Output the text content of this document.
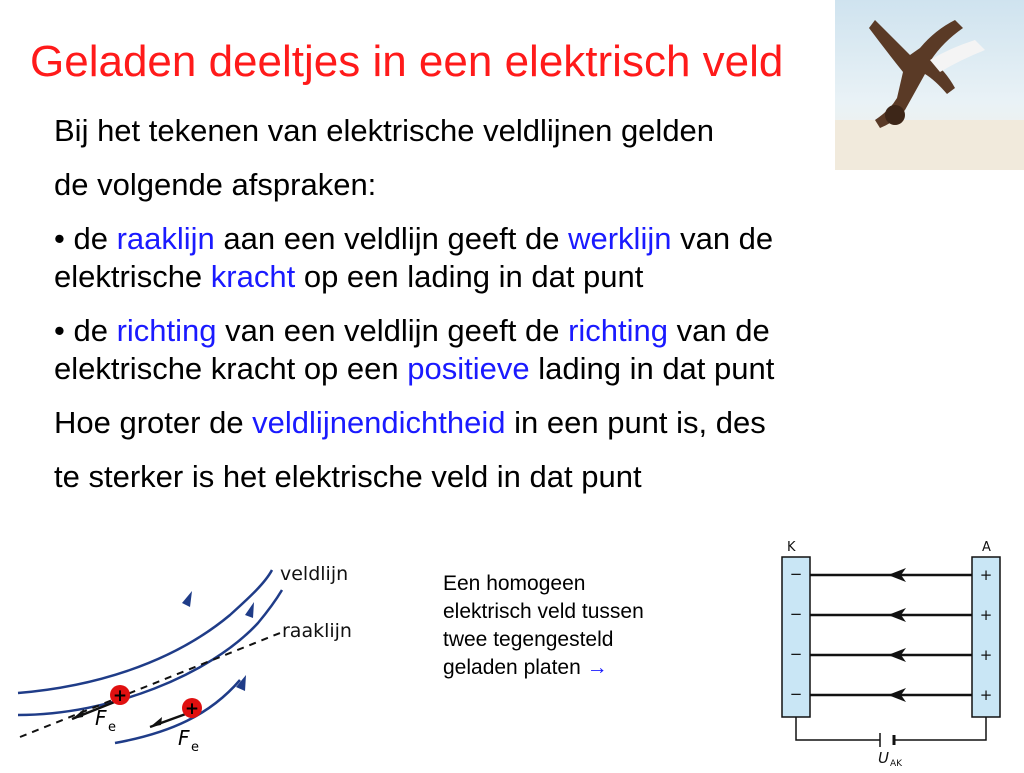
Geladen deeltjes in een elektrisch veld

Bij het tekenen van elektrische veldlijnen gelden

de volgende afspraken:

• de raaklijn aan een veldlijn geeft de werklijn van de
elektrische kracht op een lading in dat punt

• de richting van een veldlijn geeft de richting van de
elektrische kracht op een positieve lading in dat punt

Hoe groter de veldlijnendichtheid in een punt is, des

te sterker is het elektrische veld in dat punt

+
+
F e	F e
veldlijn
raaklijn
Een homogeen
elektrisch veld tussen
twee tegengesteld
geladen platen →
K	A
−
−
−
−
+
+
+
+
U AK
